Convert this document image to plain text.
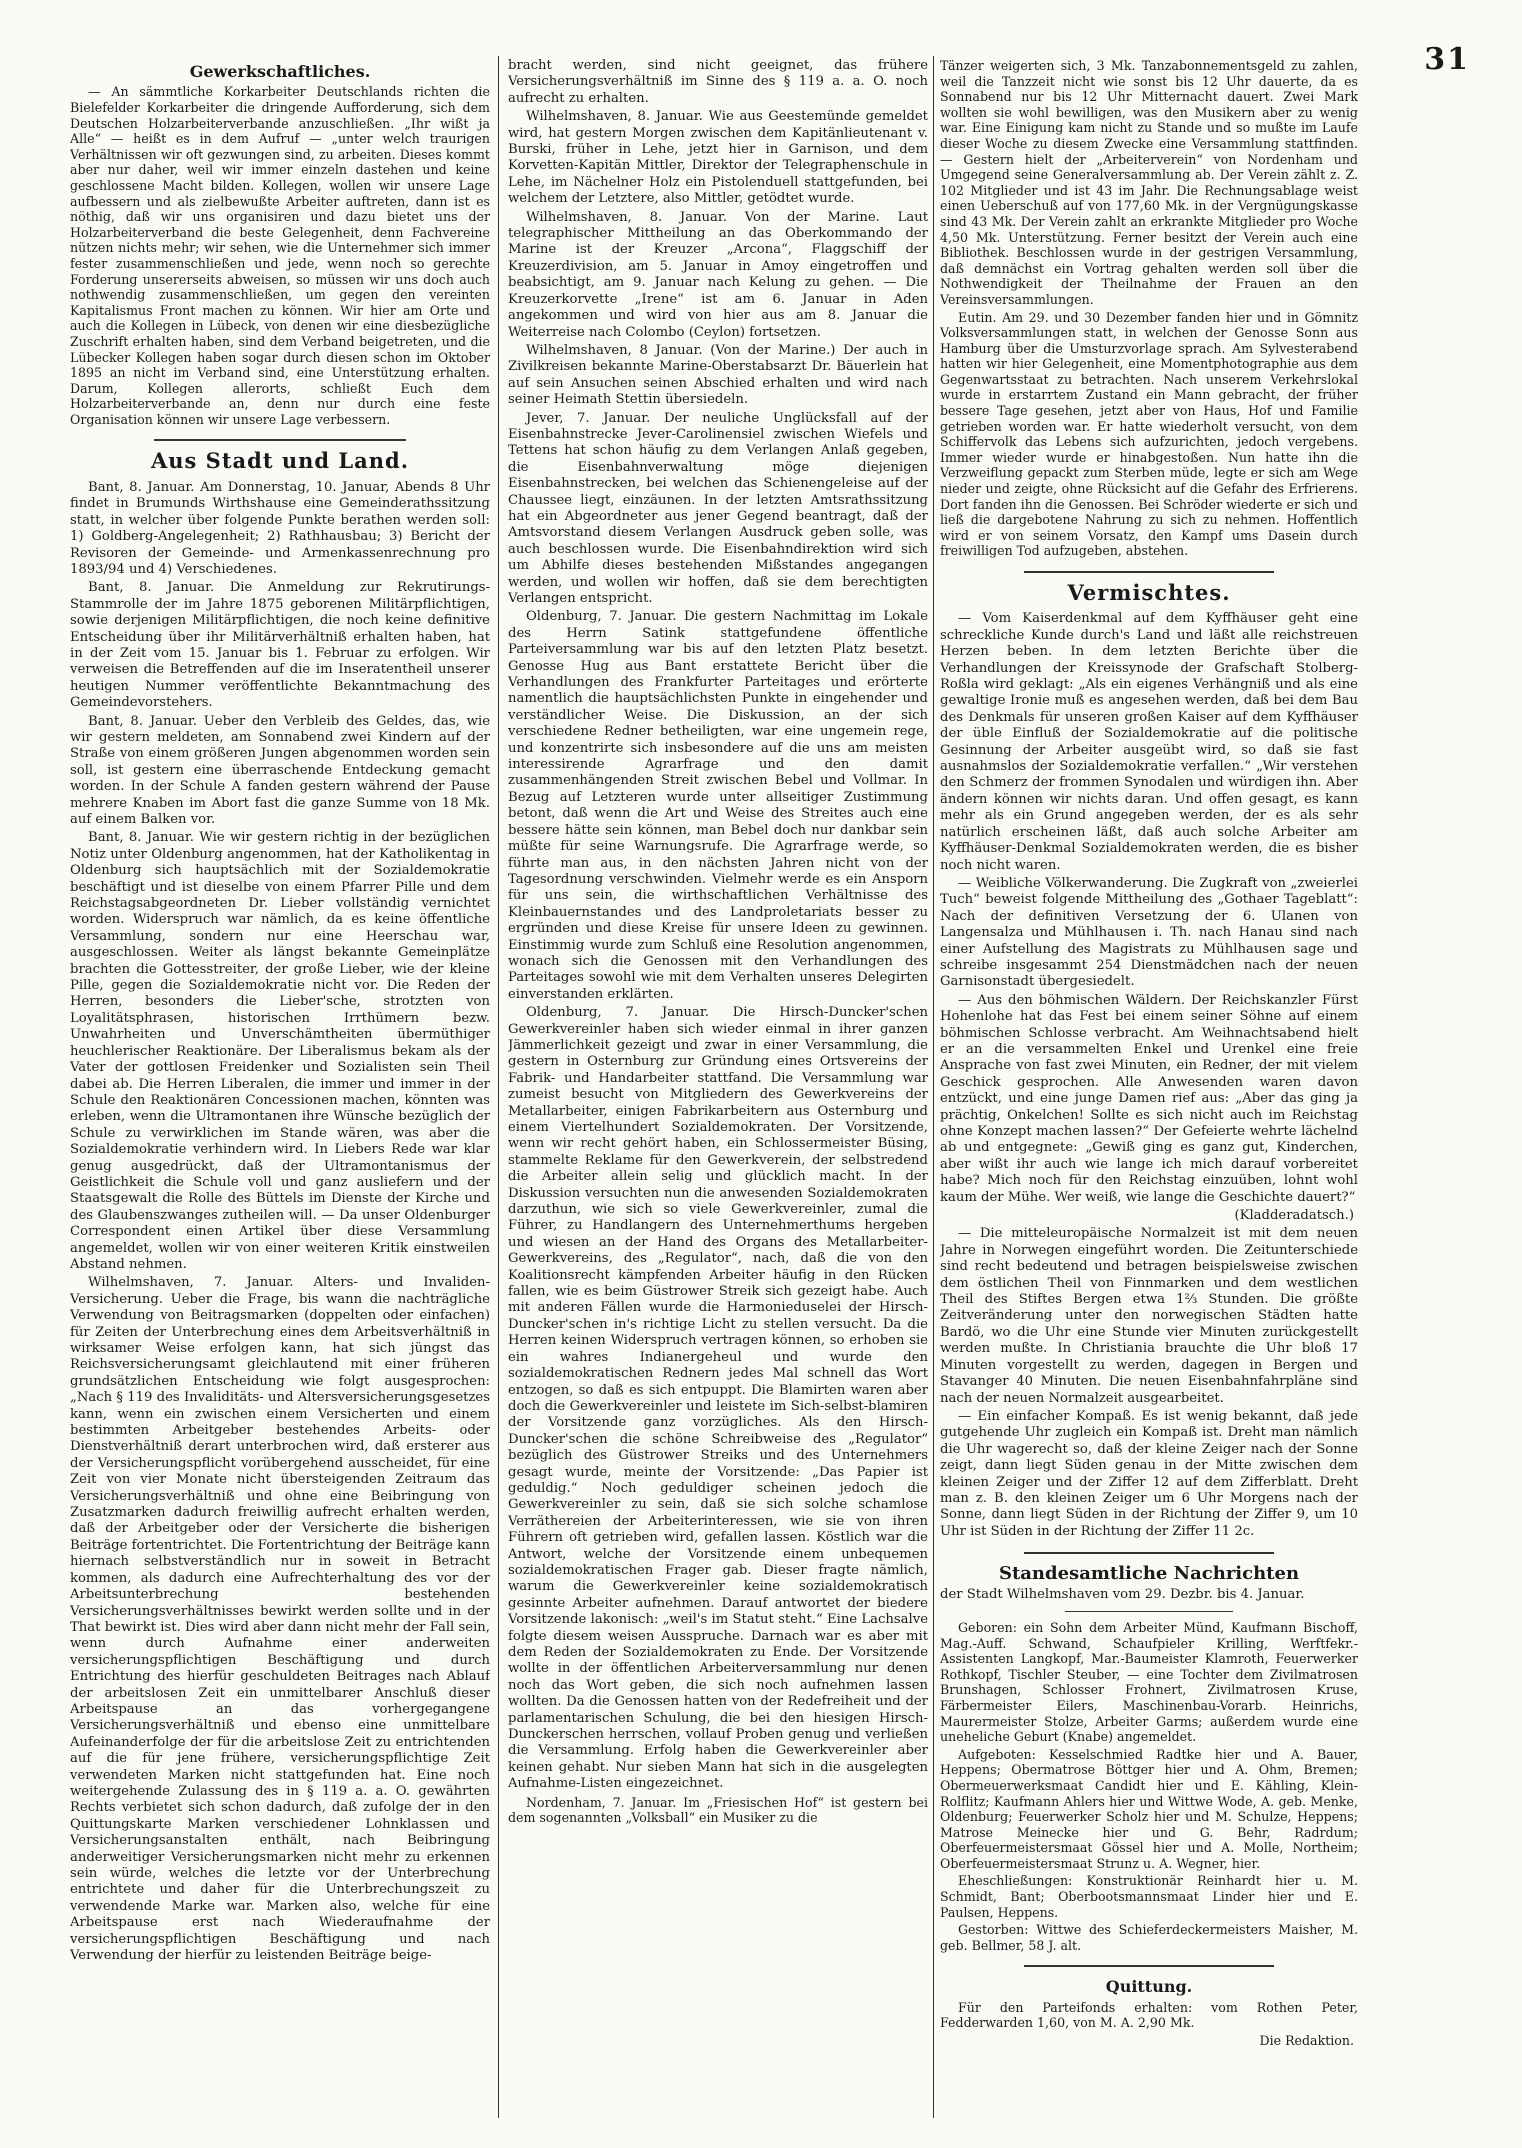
31
Gewerkschaftliches.

— An sämmtliche Korkarbeiter Deutschlands richten die Bielefelder Korkarbeiter die dringende Aufforderung, sich dem Deutschen Holzarbeiterverbande anzuschließen. „Ihr wißt ja Alle“ — heißt es in dem Aufruf — „unter welch traurigen Verhältnissen wir oft gezwungen sind, zu arbeiten. Dieses kommt aber nur daher, weil wir immer einzeln dastehen und keine geschlossene Macht bilden. Kollegen, wollen wir unsere Lage aufbessern und als zielbewußte Arbeiter auftreten, dann ist es nöthig, daß wir uns organisiren und dazu bietet uns der Holzarbeiterverband die beste Gelegenheit, denn Fachvereine nützen nichts mehr; wir sehen, wie die Unternehmer sich immer fester zusammenschließen und jede, wenn noch so gerechte Forderung unsererseits abweisen, so müssen wir uns doch auch nothwendig zusammenschließen, um gegen den vereinten Kapitalismus Front machen zu können. Wir hier am Orte und auch die Kollegen in Lübeck, von denen wir eine diesbezügliche Zuschrift erhalten haben, sind dem Verband beigetreten, und die Lübecker Kollegen haben sogar durch diesen schon im Oktober 1895 an nicht im Verband sind, eine Unterstützung erhalten. Darum, Kollegen allerorts, schließt Euch dem Holzarbeiterverbande an, denn nur durch eine feste Organisation können wir unsere Lage verbessern.

Aus Stadt und Land.

Bant, 8. Januar. Am Donnerstag, 10. Januar, Abends 8 Uhr findet in Brumunds Wirthshause eine Gemeinderathssitzung statt, in welcher über folgende Punkte berathen werden soll: 1) Goldberg-Angelegenheit; 2) Rathhausbau; 3) Bericht der Revisoren der Gemeinde- und Armenkassenrechnung pro 1893/94 und 4) Verschiedenes.

Bant, 8. Januar. Die Anmeldung zur Rekrutirungs-Stammrolle der im Jahre 1875 geborenen Militärpflichtigen, sowie derjenigen Militärpflichtigen, die noch keine definitive Entscheidung über ihr Militärverhältniß erhalten haben, hat in der Zeit vom 15. Januar bis 1. Februar zu erfolgen. Wir verweisen die Betreffenden auf die im Inseratentheil unserer heutigen Nummer veröffentlichte Bekanntmachung des Gemeindevorstehers.

Bant, 8. Januar. Ueber den Verbleib des Geldes, das, wie wir gestern meldeten, am Sonnabend zwei Kindern auf der Straße von einem größeren Jungen abgenommen worden sein soll, ist gestern eine überraschende Entdeckung gemacht worden. In der Schule A fanden gestern während der Pause mehrere Knaben im Abort fast die ganze Summe von 18 Mk. auf einem Balken vor.

Bant, 8. Januar. Wie wir gestern richtig in der bezüglichen Notiz unter Oldenburg angenommen, hat der Katholikentag in Oldenburg sich hauptsächlich mit der Sozialdemokratie beschäftigt und ist dieselbe von einem Pfarrer Pille und dem Reichstagsabgeordneten Dr. Lieber vollständig vernichtet worden. Widerspruch war nämlich, da es keine öffentliche Versammlung, sondern nur eine Heerschau war, ausgeschlossen. Weiter als längst bekannte Gemeinplätze brachten die Gottesstreiter, der große Lieber, wie der kleine Pille, gegen die Sozialdemokratie nicht vor. Die Reden der Herren, besonders die Lieber'sche, strotzten von Loyalitätsphrasen, historischen Irrthümern bezw. Unwahrheiten und Unverschämtheiten übermüthiger heuchlerischer Reaktionäre. Der Liberalismus bekam als der Vater der gottlosen Freidenker und Sozialisten sein Theil dabei ab. Die Herren Liberalen, die immer und immer in der Schule den Reaktionären Concessionen machen, könnten was erleben, wenn die Ultramontanen ihre Wünsche bezüglich der Schule zu verwirklichen im Stande wären, was aber die Sozialdemokratie verhindern wird. In Liebers Rede war klar genug ausgedrückt, daß der Ultramontanismus der Geistlichkeit die Schule voll und ganz ausliefern und der Staatsgewalt die Rolle des Büttels im Dienste der Kirche und des Glaubenszwanges zutheilen will. — Da unser Oldenburger Correspondent einen Artikel über diese Versammlung angemeldet, wollen wir von einer weiteren Kritik einstweilen Abstand nehmen.

Wilhelmshaven, 7. Januar. Alters- und Invaliden-Versicherung. Ueber die Frage, bis wann die nachträgliche Verwendung von Beitragsmarken (doppelten oder einfachen) für Zeiten der Unterbrechung eines dem Arbeitsverhältniß in wirksamer Weise erfolgen kann, hat sich jüngst das Reichsversicherungsamt gleichlautend mit einer früheren grundsätzlichen Entscheidung wie folgt ausgesprochen: „Nach § 119 des Invaliditäts- und Altersversicherungsgesetzes kann, wenn ein zwischen einem Versicherten und einem bestimmten Arbeitgeber bestehendes Arbeits- oder Dienstverhältniß derart unterbrochen wird, daß ersterer aus der Versicherungspflicht vorübergehend ausscheidet, für eine Zeit von vier Monate nicht übersteigenden Zeitraum das Versicherungsverhältniß und ohne eine Beibringung von Zusatzmarken dadurch freiwillig aufrecht erhalten werden, daß der Arbeitgeber oder der Versicherte die bisherigen Beiträge fortentrichtet. Die Fortentrichtung der Beiträge kann hiernach selbstverständlich nur in soweit in Betracht kommen, als dadurch eine Aufrechterhaltung des vor der Arbeitsunterbrechung bestehenden Versicherungsverhältnisses bewirkt werden sollte und in der That bewirkt ist. Dies wird aber dann nicht mehr der Fall sein, wenn durch Aufnahme einer anderweiten versicherungspflichtigen Beschäftigung und durch Entrichtung des hierfür geschuldeten Beitrages nach Ablauf der arbeitslosen Zeit ein unmittelbarer Anschluß dieser Arbeitspause an das vorhergegangene Versicherungsverhältniß und ebenso eine unmittelbare Aufeinanderfolge der für die arbeitslose Zeit zu entrichtenden auf die für jene frühere, versicherungspflichtige Zeit verwendeten Marken nicht stattgefunden hat. Eine noch weitergehende Zulassung des in § 119 a. a. O. gewährten Rechts verbietet sich schon dadurch, daß zufolge der in den Quittungskarte Marken verschiedener Lohnklassen und Versicherungsanstalten enthält, nach Beibringung anderweitiger Versicherungsmarken nicht mehr zu erkennen sein würde, welches die letzte vor der Unterbrechung entrichtete und daher für die Unterbrechungszeit zu verwendende Marke war. Marken also, welche für eine Arbeitspause erst nach Wiederaufnahme der versicherungspflichtigen Beschäftigung und nach Verwendung der hierfür zu leistenden Beiträge beige-

bracht werden, sind nicht geeignet, das frühere Versicherungsverhältniß im Sinne des § 119 a. a. O. noch aufrecht zu erhalten.

Wilhelmshaven, 8. Januar. Wie aus Geestemünde gemeldet wird, hat gestern Morgen zwischen dem Kapitänlieutenant v. Burski, früher in Lehe, jetzt hier in Garnison, und dem Korvetten-Kapitän Mittler, Direktor der Telegraphenschule in Lehe, im Nächelner Holz ein Pistolenduell stattgefunden, bei welchem der Letztere, also Mittler, getödtet wurde.

Wilhelmshaven, 8. Januar. Von der Marine. Laut telegraphischer Mittheilung an das Oberkommando der Marine ist der Kreuzer „Arcona“, Flaggschiff der Kreuzerdivision, am 5. Januar in Amoy eingetroffen und beabsichtigt, am 9. Januar nach Kelung zu gehen. — Die Kreuzerkorvette „Irene“ ist am 6. Januar in Aden angekommen und wird von hier aus am 8. Januar die Weiterreise nach Colombo (Ceylon) fortsetzen.

Wilhelmshaven, 8 Januar. (Von der Marine.) Der auch in Zivilkreisen bekannte Marine-Oberstabsarzt Dr. Bäuerlein hat auf sein Ansuchen seinen Abschied erhalten und wird nach seiner Heimath Stettin übersiedeln.

Jever, 7. Januar. Der neuliche Unglücksfall auf der Eisenbahnstrecke Jever-Carolinensiel zwischen Wiefels und Tettens hat schon häufig zu dem Verlangen Anlaß gegeben, die Eisenbahnverwaltung möge diejenigen Eisenbahnstrecken, bei welchen das Schienengeleise auf der Chaussee liegt, einzäunen. In der letzten Amtsrathssitzung hat ein Abgeordneter aus jener Gegend beantragt, daß der Amtsvorstand diesem Verlangen Ausdruck geben solle, was auch beschlossen wurde. Die Eisenbahndirektion wird sich um Abhilfe dieses bestehenden Mißstandes angegangen werden, und wollen wir hoffen, daß sie dem berechtigten Verlangen entspricht.

Oldenburg, 7. Januar. Die gestern Nachmittag im Lokale des Herrn Satink stattgefundene öffentliche Parteiversammlung war bis auf den letzten Platz besetzt. Genosse Hug aus Bant erstattete Bericht über die Verhandlungen des Frankfurter Parteitages und erörterte namentlich die hauptsächlichsten Punkte in eingehender und verständlicher Weise. Die Diskussion, an der sich verschiedene Redner betheiligten, war eine ungemein rege, und konzentrirte sich insbesondere auf die uns am meisten interessirende Agrarfrage und den damit zusammenhängenden Streit zwischen Bebel und Vollmar. In Bezug auf Letzteren wurde unter allseitiger Zustimmung betont, daß wenn die Art und Weise des Streites auch eine bessere hätte sein können, man Bebel doch nur dankbar sein müßte für seine Warnungsrufe. Die Agrarfrage werde, so führte man aus, in den nächsten Jahren nicht von der Tagesordnung verschwinden. Vielmehr werde es ein Ansporn für uns sein, die wirthschaftlichen Verhältnisse des Kleinbauernstandes und des Landproletariats besser zu ergründen und diese Kreise für unsere Ideen zu gewinnen. Einstimmig wurde zum Schluß eine Resolution angenommen, wonach sich die Genossen mit den Verhandlungen des Parteitages sowohl wie mit dem Verhalten unseres Delegirten einverstanden erklärten.

Oldenburg, 7. Januar. Die Hirsch-Duncker'schen Gewerkvereinler haben sich wieder einmal in ihrer ganzen Jämmerlichkeit gezeigt und zwar in einer Versammlung, die gestern in Osternburg zur Gründung eines Ortsvereins der Fabrik- und Handarbeiter stattfand. Die Versammlung war zumeist besucht von Mitgliedern des Gewerkvereins der Metallarbeiter, einigen Fabrikarbeitern aus Osternburg und einem Viertelhundert Sozialdemokraten. Der Vorsitzende, wenn wir recht gehört haben, ein Schlossermeister Büsing, stammelte Reklame für den Gewerkverein, der selbstredend die Arbeiter allein selig und glücklich macht. In der Diskussion versuchten nun die anwesenden Sozialdemokraten darzuthun, wie sich so viele Gewerkvereinler, zumal die Führer, zu Handlangern des Unternehmerthums hergeben und wiesen an der Hand des Organs des Metallarbeiter-Gewerkvereins, des „Regulator“, nach, daß die von den Koalitionsrecht kämpfenden Arbeiter häufig in den Rücken fallen, wie es beim Güstrower Streik sich gezeigt habe. Auch mit anderen Fällen wurde die Harmonieduselei der Hirsch-Duncker'schen in's richtige Licht zu stellen versucht. Da die Herren keinen Widerspruch vertragen können, so erhoben sie ein wahres Indianergeheul und wurde den sozialdemokratischen Rednern jedes Mal schnell das Wort entzogen, so daß es sich entpuppt. Die Blamirten waren aber doch die Gewerkvereinler und leistete im Sich-selbst-blamiren der Vorsitzende ganz vorzügliches. Als den Hirsch-Duncker'schen die schöne Schreibweise des „Regulator“ bezüglich des Güstrower Streiks und des Unternehmers gesagt wurde, meinte der Vorsitzende: „Das Papier ist geduldig.“ Noch geduldiger scheinen jedoch die Gewerkvereinler zu sein, daß sie sich solche schamlose Verräthereien der Arbeiterinteressen, wie sie von ihren Führern oft getrieben wird, gefallen lassen. Köstlich war die Antwort, welche der Vorsitzende einem unbequemen sozialdemokratischen Frager gab. Dieser fragte nämlich, warum die Gewerkvereinler keine sozialdemokratisch gesinnte Arbeiter aufnehmen. Darauf antwortet der biedere Vorsitzende lakonisch: „weil's im Statut steht.“ Eine Lachsalve folgte diesem weisen Ausspruche. Darnach war es aber mit dem Reden der Sozialdemokraten zu Ende. Der Vorsitzende wollte in der öffentlichen Arbeiterversammlung nur denen noch das Wort geben, die sich noch aufnehmen lassen wollten. Da die Genossen hatten von der Redefreiheit und der parlamentarischen Schulung, die bei den hiesigen Hirsch-Dunckerschen herrschen, vollauf Proben genug und verließen die Versammlung. Erfolg haben die Gewerkvereinler aber keinen gehabt. Nur sieben Mann hat sich in die ausgelegten Aufnahme-Listen eingezeichnet.

Nordenham, 7. Januar. Im „Friesischen Hof“ ist gestern bei dem sogenannten „Volksball“ ein Musiker zu die

Tänzer weigerten sich, 3 Mk. Tanzabonnementsgeld zu zahlen, weil die Tanzzeit nicht wie sonst bis 12 Uhr dauerte, da es Sonnabend nur bis 12 Uhr Mitternacht dauert. Zwei Mark wollten sie wohl bewilligen, was den Musikern aber zu wenig war. Eine Einigung kam nicht zu Stande und so mußte im Laufe dieser Woche zu diesem Zwecke eine Versammlung stattfinden. — Gestern hielt der „Arbeiterverein“ von Nordenham und Umgegend seine Generalversammlung ab. Der Verein zählt z. Z. 102 Mitglieder und ist 43 im Jahr. Die Rechnungsablage weist einen Ueberschuß auf von 177,60 Mk. in der Vergnügungskasse sind 43 Mk. Der Verein zahlt an erkrankte Mitglieder pro Woche 4,50 Mk. Unterstützung. Ferner besitzt der Verein auch eine Bibliothek. Beschlossen wurde in der gestrigen Versammlung, daß demnächst ein Vortrag gehalten werden soll über die Nothwendigkeit der Theilnahme der Frauen an den Vereinsversammlungen.

Eutin. Am 29. und 30 Dezember fanden hier und in Gömnitz Volksversammlungen statt, in welchen der Genosse Sonn aus Hamburg über die Umsturzvorlage sprach. Am Sylvesterabend hatten wir hier Gelegenheit, eine Momentphotographie aus dem Gegenwartsstaat zu betrachten. Nach unserem Verkehrslokal wurde in erstarrtem Zustand ein Mann gebracht, der früher bessere Tage gesehen, jetzt aber von Haus, Hof und Familie getrieben worden war. Er hatte wiederholt versucht, von dem Schiffervolk das Lebens sich aufzurichten, jedoch vergebens. Immer wieder wurde er hinabgestoßen. Nun hatte ihn die Verzweiflung gepackt zum Sterben müde, legte er sich am Wege nieder und zeigte, ohne Rücksicht auf die Gefahr des Erfrierens. Dort fanden ihn die Genossen. Bei Schröder wiederte er sich und ließ die dargebotene Nahrung zu sich zu nehmen. Hoffentlich wird er von seinem Vorsatz, den Kampf ums Dasein durch freiwilligen Tod aufzugeben, abstehen.

Vermischtes.

— Vom Kaiserdenkmal auf dem Kyffhäuser geht eine schreckliche Kunde durch's Land und läßt alle reichstreuen Herzen beben. In dem letzten Berichte über die Verhandlungen der Kreissynode der Grafschaft Stolberg-Roßla wird geklagt: „Als ein eigenes Verhängniß und als eine gewaltige Ironie muß es angesehen werden, daß bei dem Bau des Denkmals für unseren großen Kaiser auf dem Kyffhäuser der üble Einfluß der Sozialdemokratie auf die politische Gesinnung der Arbeiter ausgeübt wird, so daß sie fast ausnahmslos der Sozialdemokratie verfallen.“ „Wir verstehen den Schmerz der frommen Synodalen und würdigen ihn. Aber ändern können wir nichts daran. Und offen gesagt, es kann mehr als ein Grund angegeben werden, der es als sehr natürlich erscheinen läßt, daß auch solche Arbeiter am Kyffhäuser-Denkmal Sozialdemokraten werden, die es bisher noch nicht waren.

— Weibliche Völkerwanderung. Die Zugkraft von „zweierlei Tuch“ beweist folgende Mittheilung des „Gothaer Tageblatt“: Nach der definitiven Versetzung der 6. Ulanen von Langensalza und Mühlhausen i. Th. nach Hanau sind nach einer Aufstellung des Magistrats zu Mühlhausen sage und schreibe insgesammt 254 Dienstmädchen nach der neuen Garnisonstadt übergesiedelt.

— Aus den böhmischen Wäldern. Der Reichskanzler Fürst Hohenlohe hat das Fest bei einem seiner Söhne auf einem böhmischen Schlosse verbracht. Am Weihnachtsabend hielt er an die versammelten Enkel und Urenkel eine freie Ansprache von fast zwei Minuten, ein Redner, der mit vielem Geschick gesprochen. Alle Anwesenden waren davon entzückt, und eine junge Damen rief aus: „Aber das ging ja prächtig, Onkelchen! Sollte es sich nicht auch im Reichstag ohne Konzept machen lassen?“ Der Gefeierte wehrte lächelnd ab und entgegnete: „Gewiß ging es ganz gut, Kinderchen, aber wißt ihr auch wie lange ich mich darauf vorbereitet habe? Mich noch für den Reichstag einzuüben, lohnt wohl kaum der Mühe. Wer weiß, wie lange die Geschichte dauert?“

(Kladderadatsch.)

— Die mitteleuropäische Normalzeit ist mit dem neuen Jahre in Norwegen eingeführt worden. Die Zeitunterschiede sind recht bedeutend und betragen beispielsweise zwischen dem östlichen Theil von Finnmarken und dem westlichen Theil des Stiftes Bergen etwa 1⅔ Stunden. Die größte Zeitveränderung unter den norwegischen Städten hatte Bardö, wo die Uhr eine Stunde vier Minuten zurückgestellt werden mußte. In Christiania brauchte die Uhr bloß 17 Minuten vorgestellt zu werden, dagegen in Bergen und Stavanger 40 Minuten. Die neuen Eisenbahnfahrpläne sind nach der neuen Normalzeit ausgearbeitet.

— Ein einfacher Kompaß. Es ist wenig bekannt, daß jede gutgehende Uhr zugleich ein Kompaß ist. Dreht man nämlich die Uhr wagerecht so, daß der kleine Zeiger nach der Sonne zeigt, dann liegt Süden genau in der Mitte zwischen dem kleinen Zeiger und der Ziffer 12 auf dem Zifferblatt. Dreht man z. B. den kleinen Zeiger um 6 Uhr Morgens nach der Sonne, dann liegt Süden in der Richtung der Ziffer 9, um 10 Uhr ist Süden in der Richtung der Ziffer 11 2c.

Standesamtliche Nachrichten

der Stadt Wilhelmshaven vom 29. Dezbr. bis 4. Januar.

Geboren: ein Sohn dem Arbeiter Münd, Kaufmann Bischoff, Mag.-Auff. Schwand, Schaufpieler Krilling, Werftfekr.-Assistenten Langkopf, Mar.-Baumeister Klamroth, Feuerwerker Rothkopf, Tischler Steuber, — eine Tochter dem Zivilmatrosen Brunshagen, Schlosser Frohnert, Zivilmatrosen Kruse, Färbermeister Eilers, Maschinenbau-Vorarb. Heinrichs, Maurermeister Stolze, Arbeiter Garms; außerdem wurde eine uneheliche Geburt (Knabe) angemeldet.

Aufgeboten: Kesselschmied Radtke hier und A. Bauer, Heppens; Obermatrose Böttger hier und A. Ohm, Bremen; Obermeuerwerksmaat Candidt hier und E. Kähling, Klein-Rolflitz; Kaufmann Ahlers hier und Wittwe Wode, A. geb. Menke, Oldenburg; Feuerwerker Scholz hier und M. Schulze, Heppens; Matrose Meinecke hier und G. Behr, Radrdum; Oberfeuermeistersmaat Gössel hier und A. Molle, Northeim; Oberfeuermeistersmaat Strunz u. A. Wegner, hier.

Eheschließungen: Konstruktionär Reinhardt hier u. M. Schmidt, Bant; Oberbootsmannsmaat Linder hier und E. Paulsen, Heppens.

Gestorben: Wittwe des Schieferdeckermeisters Maisher, M. geb. Bellmer, 58 J. alt.

Quittung.

Für den Parteifonds erhalten: vom Rothen Peter, Fedderwarden 1,60, von M. A. 2,90 Mk.

Die Redaktion.
